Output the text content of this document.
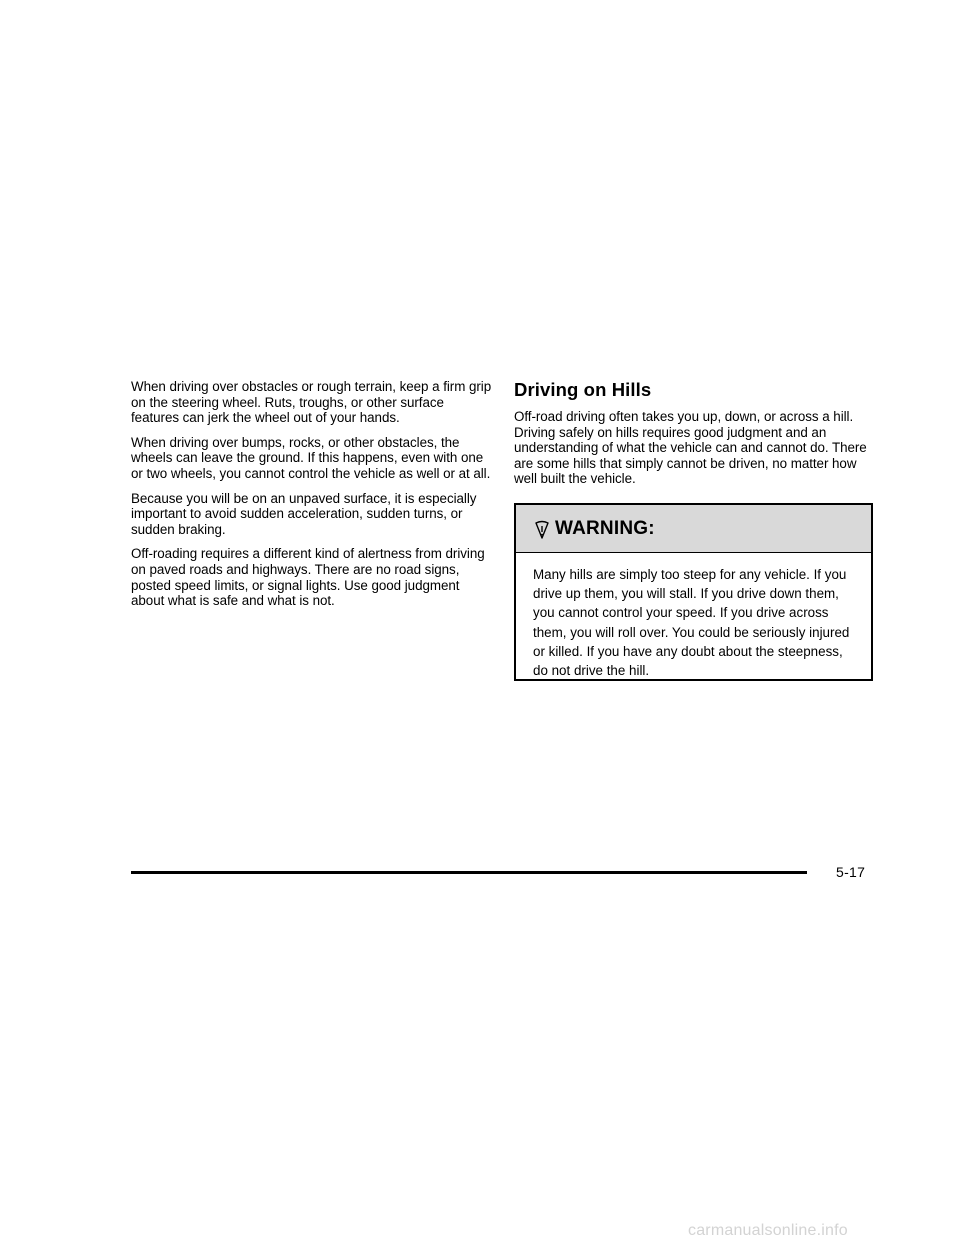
When driving over obstacles or rough terrain, keep a firm grip on the steering wheel. Ruts, troughs, or other surface features can jerk the wheel out of your hands.

When driving over bumps, rocks, or other obstacles, the wheels can leave the ground. If this happens, even with one or two wheels, you cannot control the vehicle as well or at all.

Because you will be on an unpaved surface, it is especially important to avoid sudden acceleration, sudden turns, or sudden braking.

Off-roading requires a different kind of alertness from driving on paved roads and highways. There are no road signs, posted speed limits, or signal lights. Use good judgment about what is safe and what is not.

Driving on Hills

Off-road driving often takes you up, down, or across a hill. Driving safely on hills requires good judgment and an understanding of what the vehicle can and cannot do. There are some hills that simply cannot be driven, no matter how well built the vehicle.

WARNING:
Many hills are simply too steep for any vehicle. If you drive up them, you will stall. If you drive down them, you cannot control your speed. If you drive across them, you will roll over. You could be seriously injured or killed. If you have any doubt about the steepness, do not drive the hill.
5-17
carmanualsonline.info
